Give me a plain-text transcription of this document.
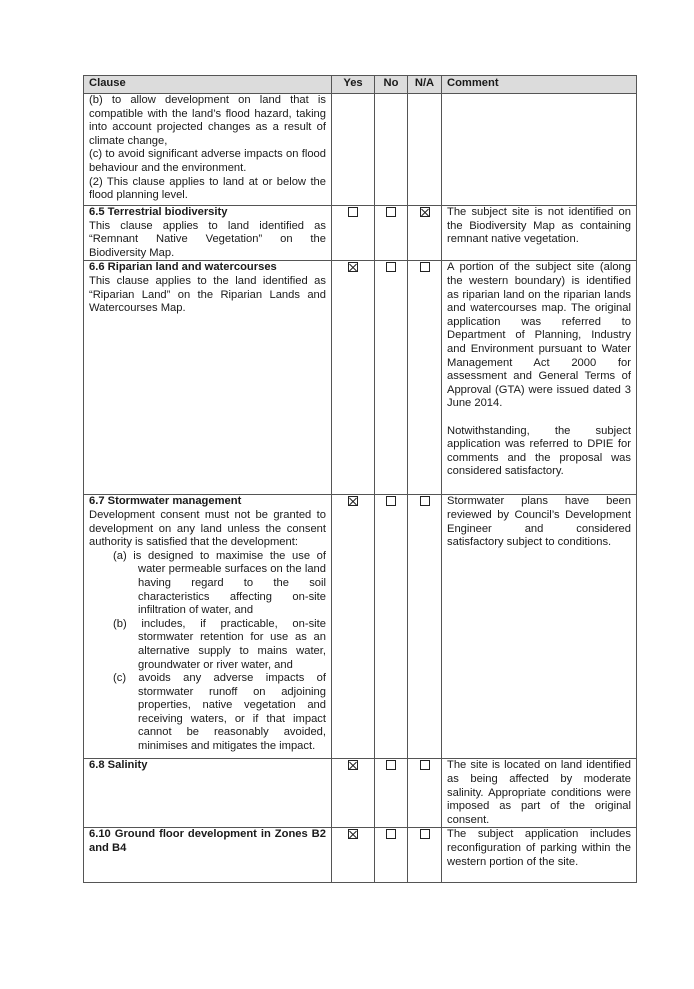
Clause	Yes	No	N/A	Comment

(b) to allow development on land that is compatible with the land’s flood hazard, taking into account projected changes as a result of climate change,
(c) to avoid significant adverse impacts on flood behaviour and the environment.
(2) This clause applies to land at or below the flood planning level.				

6.5 Terrestrial biodiversity
This clause applies to land identified as “Remnant Native Vegetation” on the Biodiversity Map.				The subject site is not identified on the Biodiversity Map as containing remnant native vegetation.

6.6 Riparian land and watercourses
This clause applies to the land identified as “Riparian Land” on the Riparian Lands and Watercourses Map.				A portion of the subject site (along the western boundary) is identified as riparian land on the riparian lands and watercourses map. The original application was referred to Department of Planning, Industry and Environment pursuant to Water Management Act 2000 for assessment and General Terms of Approval (GTA) were issued dated 3 June 2014.
Notwithstanding, the subject application was referred to DPIE for comments and the proposal was considered satisfactory.

6.7 Stormwater management
Development consent must not be granted to development on any land unless the consent authority is satisfied that the development:
(a) is designed to maximise the use of water permeable surfaces on the land having regard to the soil characteristics affecting on-site infiltration of water, and
(b) includes, if practicable, on-site stormwater retention for use as an alternative supply to mains water, groundwater or river water, and
(c) avoids any adverse impacts of stormwater runoff on adjoining properties, native vegetation and receiving waters, or if that impact cannot be reasonably avoided, minimises and mitigates the impact.				Stormwater plans have been reviewed by Council’s Development Engineer and considered satisfactory subject to conditions.

6.8 Salinity				The site is located on land identified as being affected by moderate salinity. Appropriate conditions were imposed as part of the original consent.

6.10 Ground floor development in Zones B2 and B4				The subject application includes reconfiguration of parking within the western portion of the site.
